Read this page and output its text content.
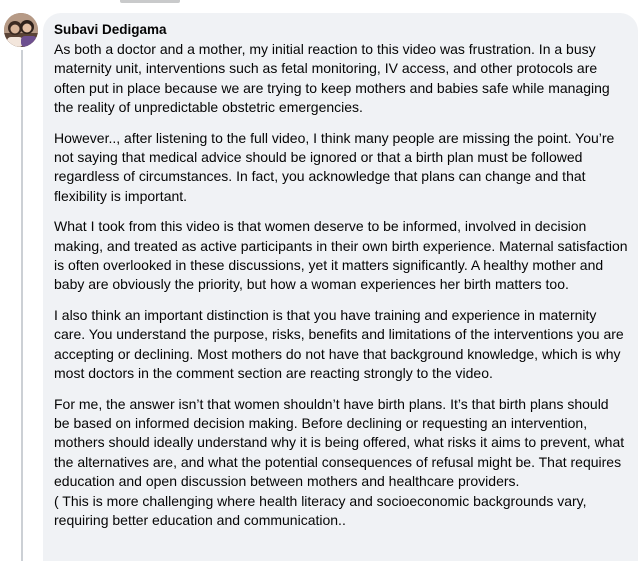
Subavi Dedigama

As both a doctor and a mother, my initial reaction to this video was frustration. In a busy maternity unit, interventions such as fetal monitoring, IV access, and other protocols are often put in place because we are trying to keep mothers and babies safe while managing the reality of unpredictable obstetric emergencies.

However.., after listening to the full video, I think many people are missing the point. You’re not saying that medical advice should be ignored or that a birth plan must be followed regardless of circumstances. In fact, you acknowledge that plans can change and that flexibility is important.

What I took from this video is that women deserve to be informed, involved in decision making, and treated as active participants in their own birth experience. Maternal satisfaction is often overlooked in these discussions, yet it matters significantly. A healthy mother and baby are obviously the priority, but how a woman experiences her birth matters too.

I also think an important distinction is that you have training and experience in maternity care. You understand the purpose, risks, benefits and limitations of the interventions you are accepting or declining. Most mothers do not have that background knowledge, which is why most doctors in the comment section are reacting strongly to the video.

For me, the answer isn’t that women shouldn’t have birth plans. It’s that birth plans should be based on informed decision making. Before declining or requesting an intervention, mothers should ideally understand why it is being offered, what risks it aims to prevent, what the alternatives are, and what the potential consequences of refusal might be. That requires education and open discussion between mothers and healthcare providers.

( This is more challenging where health literacy and socioeconomic backgrounds vary, requiring better education and communication..
